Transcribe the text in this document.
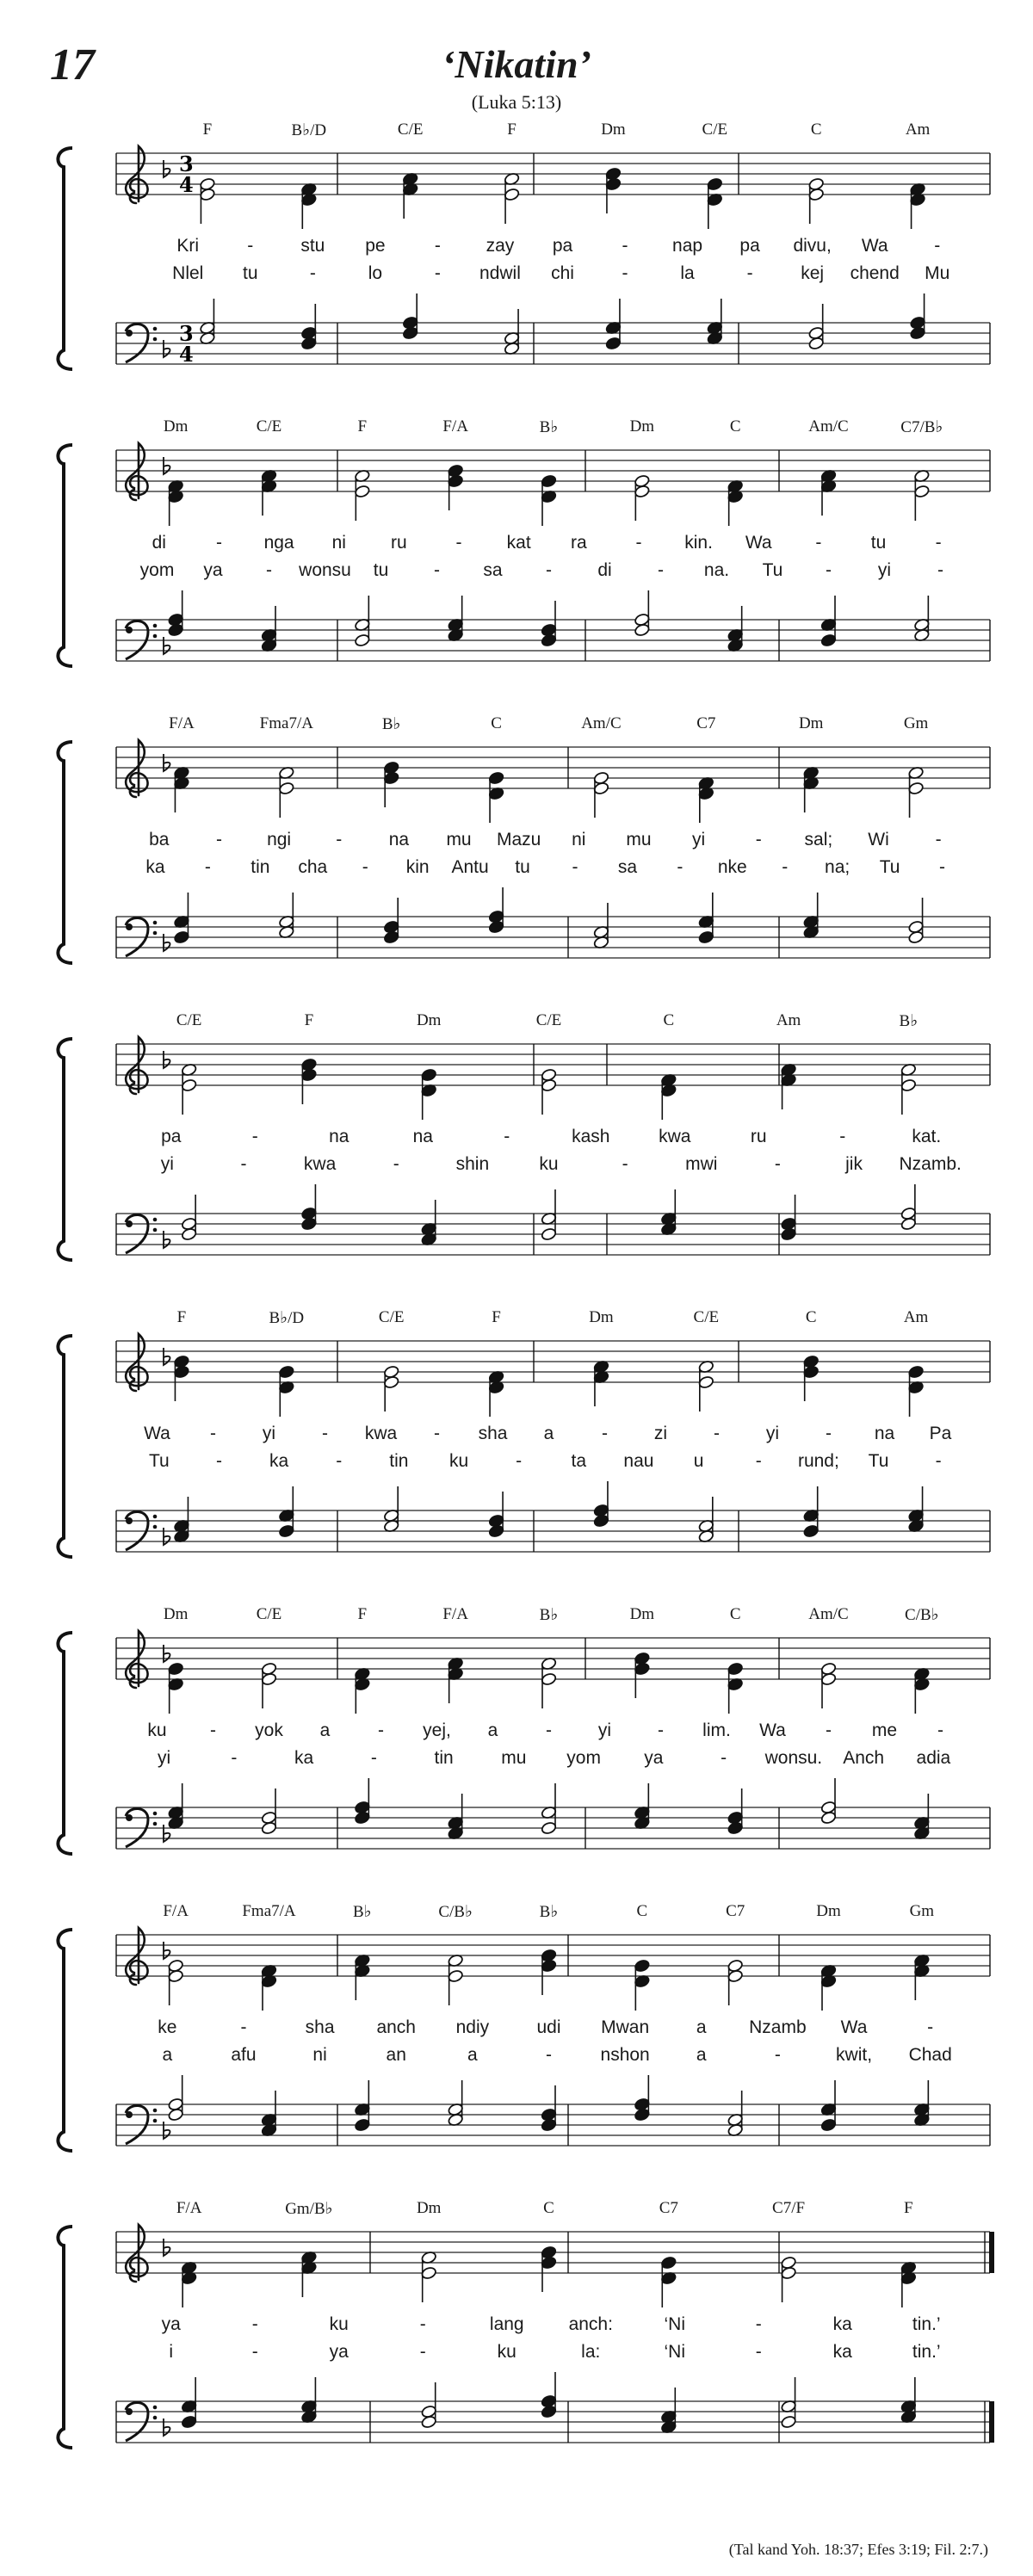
17	‘Nikatin’
(Luka 5:13)
3
4
3
4
F	B♭/D	C/E	F	Dm	C/E	C	Am
Kri	-	stu pe	-	zay pa	- nap pa divu, Wa	-
Nlel tu	-	lo	- ndwil chi	-	la	-	kej chend Mu
Dm	C/E	F	F/A	B♭	Dm	C	Am/C	C7/B♭
di	- nga ni ru	- kat ra	- kin. Wa -	tu	-
yom ya - wonsu tu	- sa -	di	- na. Tu -	yi	-
F/A	Fma7/A	B♭	C	Am/C	C7	Dm	Gm
ba	- ngi -	na mu Mazu ni mu yi	- sal; Wi	-
ka - tin cha - kin Antu tu - sa - nke - na; Tu -
C/E	F	Dm	C/E	C	Am	B♭
pa	-	na	na	-	kash	kwa	ru	-	kat.
yi	-	kwa	-	shin	ku	-	mwi	-	jik Nzamb.
F	B♭/D	C/E	F	Dm	C/E	C	Am
Wa -	yi	- kwa - sha a	-	zi	-	yi	- na Pa
Tu	-	ka	-	tin ku	-	ta nau u	- rund; Tu	-
Dm	C/E	F	F/A	B♭	Dm	C	Am/C	C/B♭
ku - yok a	- yej, a	-	yi	- lim. Wa - me -
yi	-	ka	-	tin	mu yom ya	- wonsu. Anch adia
F/A	Fma7/A	B♭	C/B♭	B♭	C	C7	Dm	Gm
ke	-	sha anch ndiy	udi Mwan	a Nzamb Wa	-
a	afu	ni	an	a	-	nshon	a	-	kwit, Chad
F/A	Gm/B♭	Dm	C	C7	C7/F	F
ya	-	ku	-	lang anch:	‘Ni	-	ka	tin.’
i	-	ya	-	ku	la:	‘Ni	-	ka	tin.’
(Tal kand Yoh. 18:37; Efes 3:19; Fil. 2:7.)
